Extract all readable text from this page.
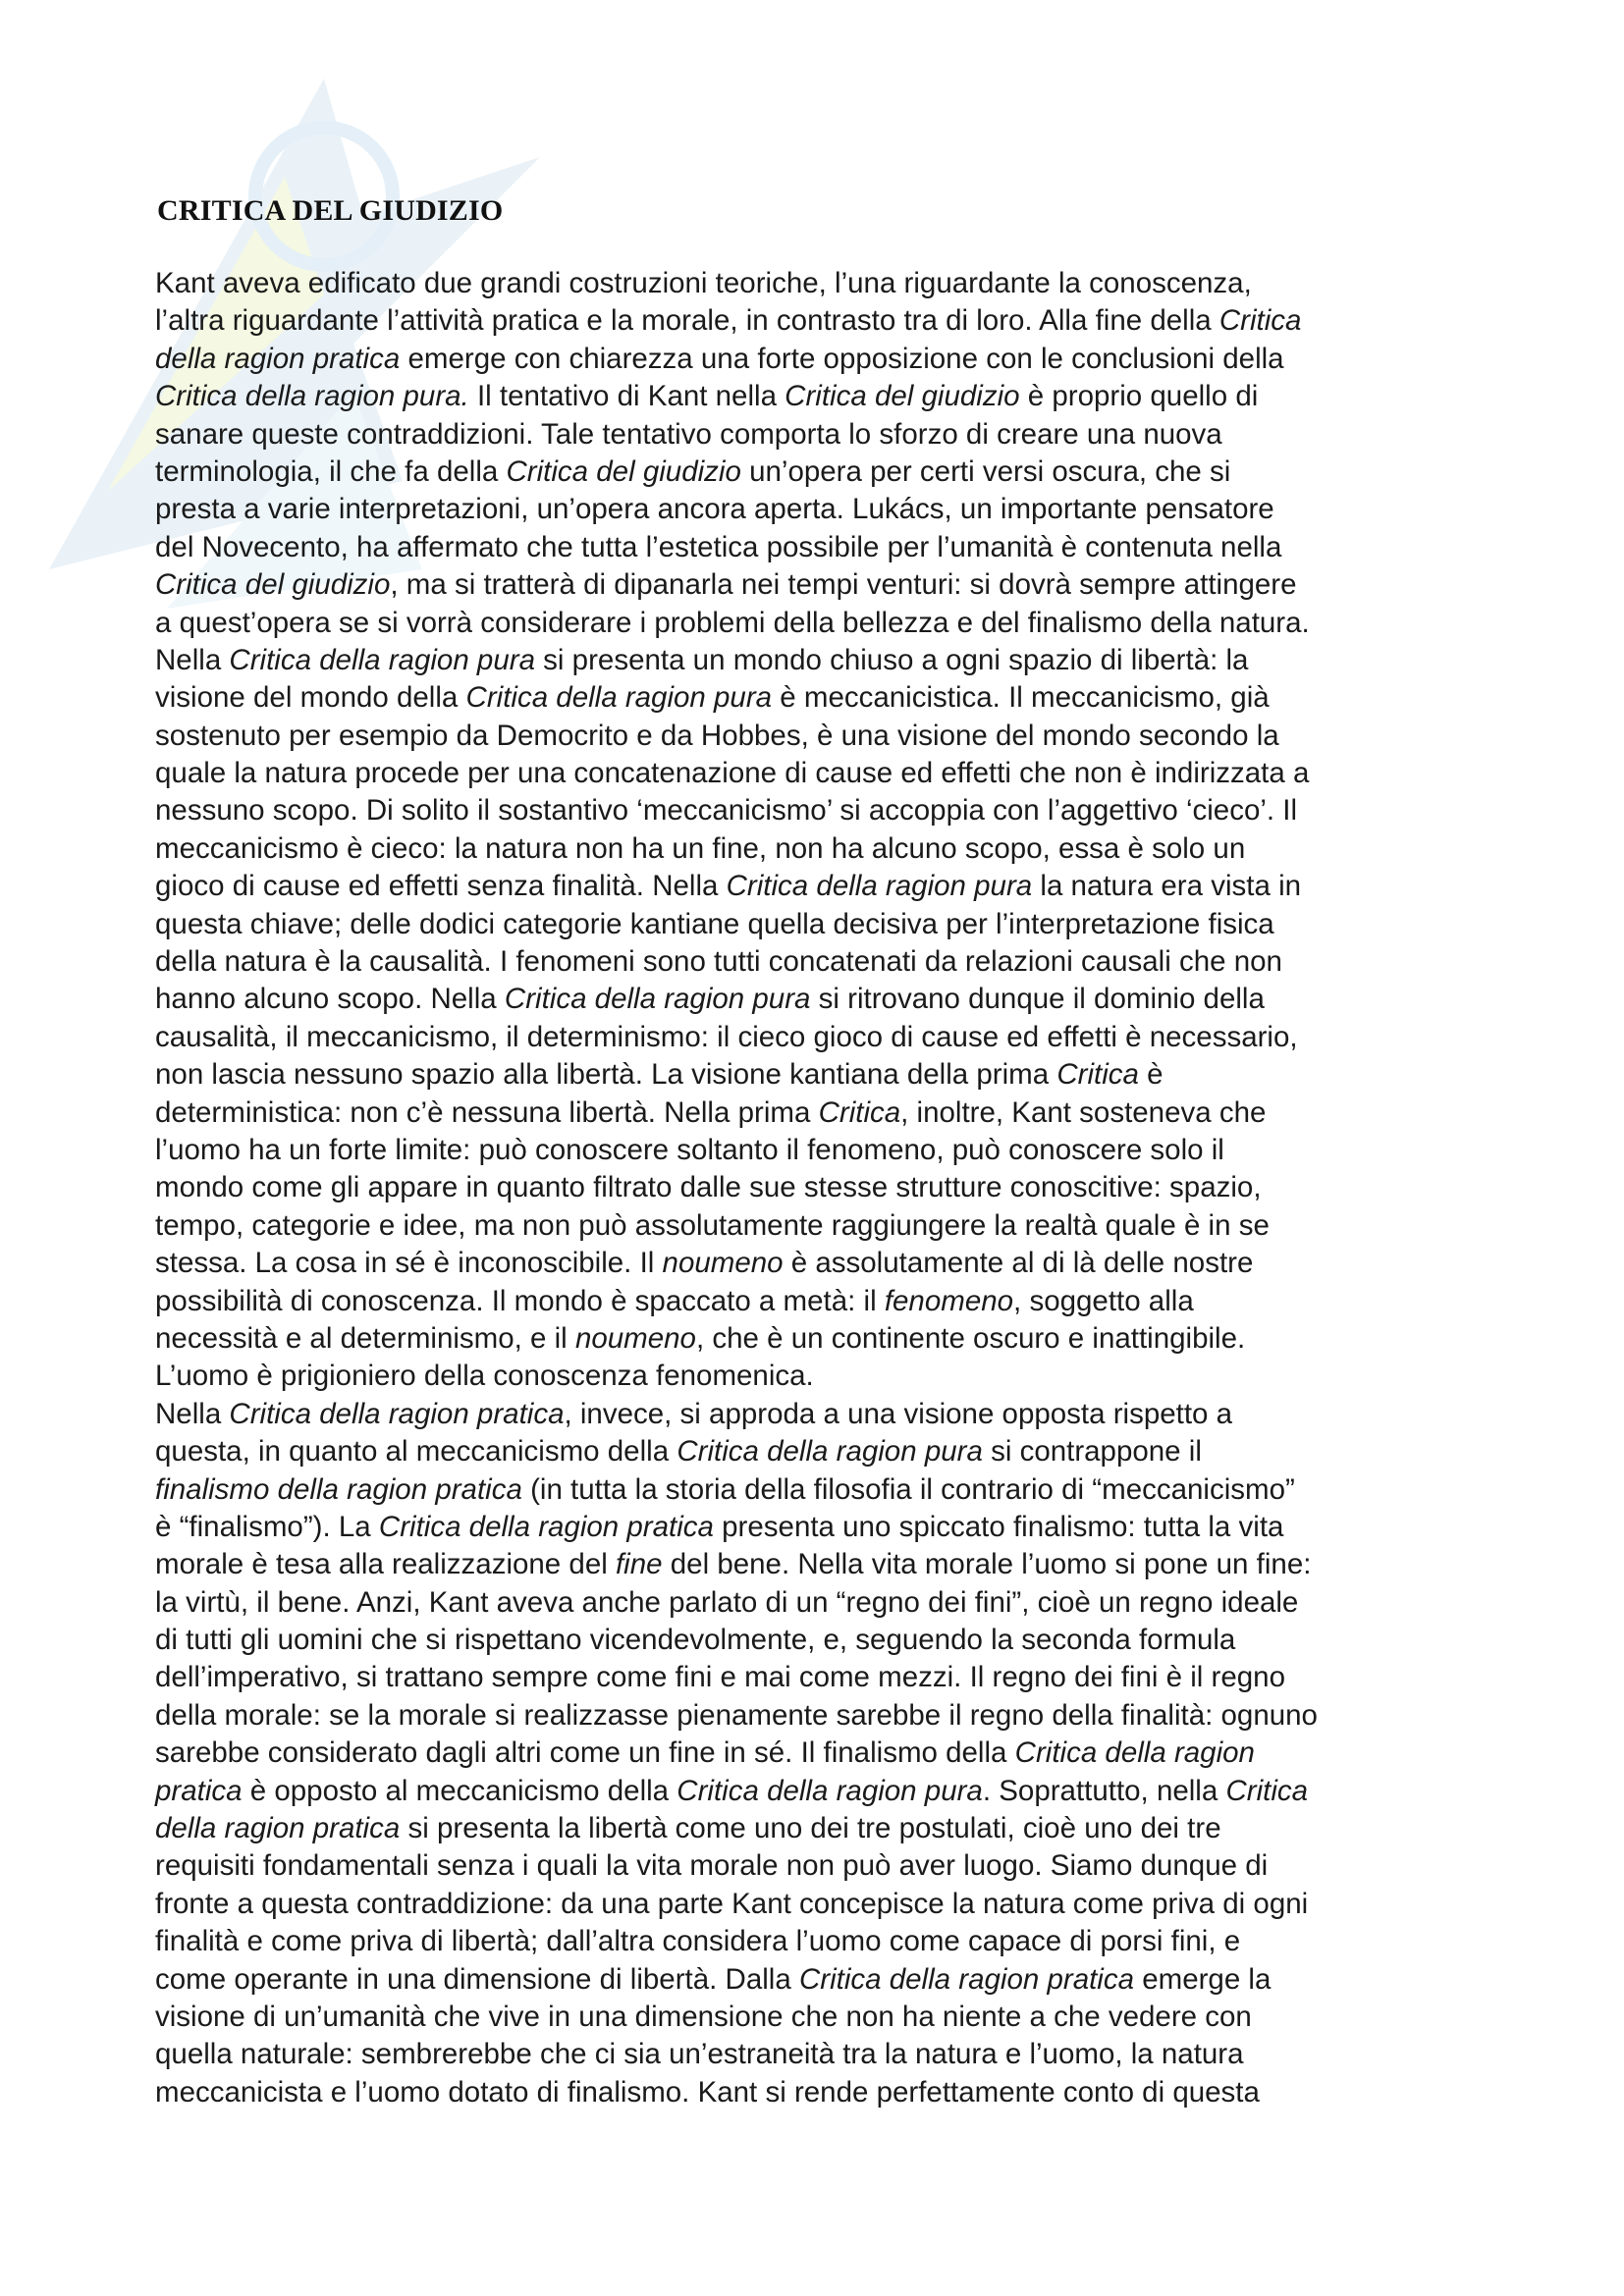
CRITICA DEL GIUDIZIO
Kant aveva edificato due grandi costruzioni teoriche, l’una riguardante la conoscenza,
l’altra riguardante l’attività pratica e la morale, in contrasto tra di loro. Alla fine della Critica
della ragion pratica emerge con chiarezza una forte opposizione con le conclusioni della
Critica della ragion pura. Il tentativo di Kant nella Critica del giudizio è proprio quello di
sanare queste contraddizioni. Tale tentativo comporta lo sforzo di creare una nuova
terminologia, il che fa della Critica del giudizio un’opera per certi versi oscura, che si
presta a varie interpretazioni, un’opera ancora aperta. Lukács, un importante pensatore
del Novecento, ha affermato che tutta l’estetica possibile per l’umanità è contenuta nella
Critica del giudizio, ma si tratterà di dipanarla nei tempi venturi: si dovrà sempre attingere
a quest’opera se si vorrà considerare i problemi della bellezza e del finalismo della natura.
Nella Critica della ragion pura si presenta un mondo chiuso a ogni spazio di libertà: la
visione del mondo della Critica della ragion pura è meccanicistica. Il meccanicismo, già
sostenuto per esempio da Democrito e da Hobbes, è una visione del mondo secondo la
quale la natura procede per una concatenazione di cause ed effetti che non è indirizzata a
nessuno scopo. Di solito il sostantivo ‘meccanicismo’ si accoppia con l’aggettivo ‘cieco’. Il
meccanicismo è cieco: la natura non ha un fine, non ha alcuno scopo, essa è solo un
gioco di cause ed effetti senza finalità. Nella Critica della ragion pura la natura era vista in
questa chiave; delle dodici categorie kantiane quella decisiva per l’interpretazione fisica
della natura è la causalità. I fenomeni sono tutti concatenati da relazioni causali che non
hanno alcuno scopo. Nella Critica della ragion pura si ritrovano dunque il dominio della
causalità, il meccanicismo, il determinismo: il cieco gioco di cause ed effetti è necessario,
non lascia nessuno spazio alla libertà. La visione kantiana della prima Critica è
deterministica: non c’è nessuna libertà. Nella prima Critica, inoltre, Kant sosteneva che
l’uomo ha un forte limite: può conoscere soltanto il fenomeno, può conoscere solo il
mondo come gli appare in quanto filtrato dalle sue stesse strutture conoscitive: spazio,
tempo, categorie e idee, ma non può assolutamente raggiungere la realtà quale è in se
stessa. La cosa in sé è inconoscibile. Il noumeno è assolutamente al di là delle nostre
possibilità di conoscenza. Il mondo è spaccato a metà: il fenomeno, soggetto alla
necessità e al determinismo, e il noumeno, che è un continente oscuro e inattingibile.
L’uomo è prigioniero della conoscenza fenomenica.
Nella Critica della ragion pratica, invece, si approda a una visione opposta rispetto a
questa, in quanto al meccanicismo della Critica della ragion pura si contrappone il
finalismo della ragion pratica (in tutta la storia della filosofia il contrario di “meccanicismo”
è “finalismo”). La Critica della ragion pratica presenta uno spiccato finalismo: tutta la vita
morale è tesa alla realizzazione del fine del bene. Nella vita morale l’uomo si pone un fine:
la virtù, il bene. Anzi, Kant aveva anche parlato di un “regno dei fini”, cioè un regno ideale
di tutti gli uomini che si rispettano vicendevolmente, e, seguendo la seconda formula
dell’imperativo, si trattano sempre come fini e mai come mezzi. Il regno dei fini è il regno
della morale: se la morale si realizzasse pienamente sarebbe il regno della finalità: ognuno
sarebbe considerato dagli altri come un fine in sé. Il finalismo della Critica della ragion
pratica è opposto al meccanicismo della Critica della ragion pura. Soprattutto, nella Critica
della ragion pratica si presenta la libertà come uno dei tre postulati, cioè uno dei tre
requisiti fondamentali senza i quali la vita morale non può aver luogo. Siamo dunque di
fronte a questa contraddizione: da una parte Kant concepisce la natura come priva di ogni
finalità e come priva di libertà; dall’altra considera l’uomo come capace di porsi fini, e
come operante in una dimensione di libertà. Dalla Critica della ragion pratica emerge la
visione di un’umanità che vive in una dimensione che non ha niente a che vedere con
quella naturale: sembrerebbe che ci sia un’estraneità tra la natura e l’uomo, la natura
meccanicista e l’uomo dotato di finalismo. Kant si rende perfettamente conto di questa
